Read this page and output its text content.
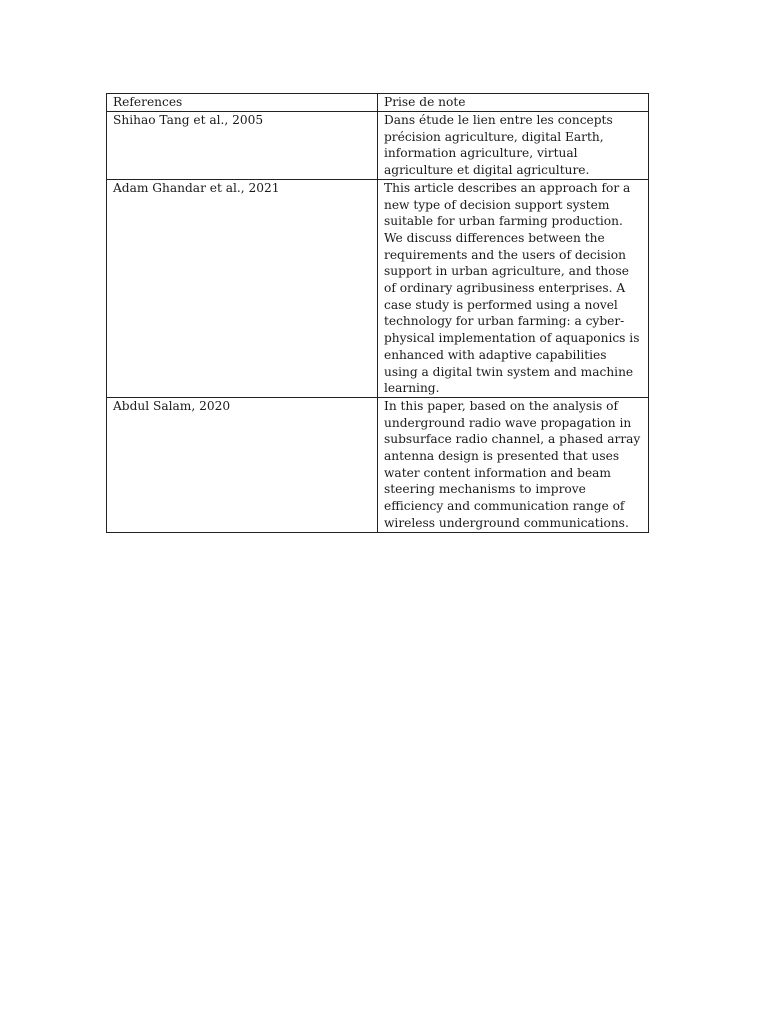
References	Prise de note
Shihao Tang et al., 2005	Dans étude le lien entre les concepts précision agriculture, digital Earth, information agriculture, virtual agriculture et digital agriculture.
Adam Ghandar et al., 2021	This article describes an approach for a new type of decision support system suitable for urban farming production. We discuss differences between the requirements and the users of decision support in urban agriculture, and those of ordinary agribusiness enterprises. A case study is performed using a novel technology for urban farming: a cyber-physical implementation of aquaponics is enhanced with adaptive capabilities using a digital twin system and machine learning.
Abdul Salam, 2020	In this paper, based on the analysis of underground radio wave propagation in subsurface radio channel, a phased array antenna design is presented that uses water content information and beam steering mechanisms to improve efficiency and communication range of wireless underground communications.
